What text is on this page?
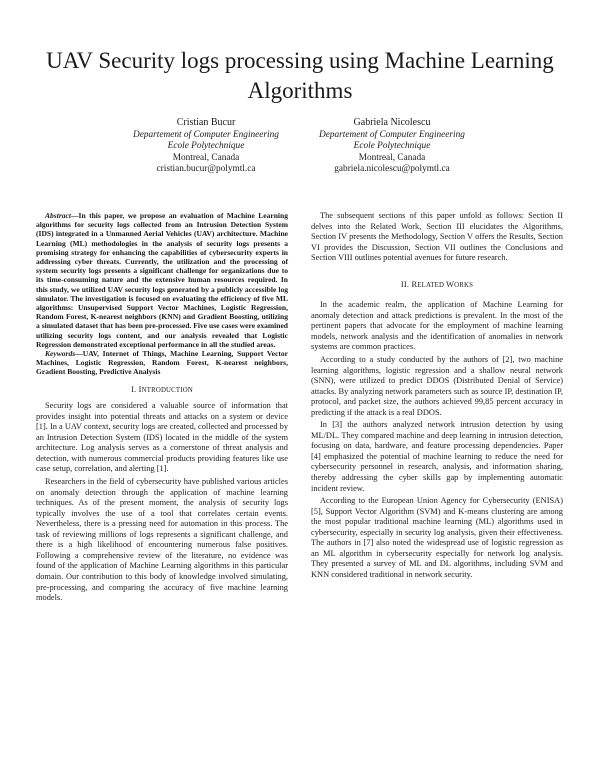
UAV Security logs processing using Machine Learning Algorithms
Cristian Bucur
Departement of Computer Engineering
Ecole Polytechnique
Montreal, Canada
cristian.bucur@polymtl.ca
Gabriela Nicolescu
Departement of Computer Engineering
Ecole Polytechnique
Montreal, Canada
gabriela.nicolescu@polymtl.ca
Abstract—In this paper, we propose an evaluation of Machine Learning algorithms for security logs collected from an Intrusion Detection System (IDS) integrated in a Unmanned Aerial Vehicles (UAV) architecture. Machine Learning (ML) methodologies in the analysis of security logs presents a promising strategy for enhancing the capabilities of cybersecurity experts in addressing cyber threats. Currently, the utilization and the processing of system security logs presents a significant challenge for organizations due to its time-consuming nature and the extensive human resources required. In this study, we utilized UAV security logs generated by a publicly accessible log simulator. The investigation is focused on evaluating the efficiency of five ML algorithms: Unsupervised Support Vector Machines, Logistic Regression, Random Forest, K-nearest neighbors (KNN) and Gradient Boosting, utilizing a simulated dataset that has been pre-processed. Five use cases were examined utilizing security logs content, and our analysis revealed that Logistic Regression demonstrated exceptional performance in all the studied areas.
Keywords—UAV, Internet of Things, Machine Learning, Support Vector Machines, Logistic Regression, Random Forest, K-nearest neighbors, Gradient Boosting, Predictive Analysis
I. INTRODUCTION

Security logs are considered a valuable source of information that provides insight into potential threats and attacks on a system or device [1]. In a UAV context, security logs are created, collected and processed by an Intrusion Detection System (IDS) located in the middle of the system architecture. Log analysis serves as a cornerstone of threat analysis and detection, with numerous commercial products providing features like use case setup, correlation, and alerting [1].

Researchers in the field of cybersecurity have published various articles on anomaly detection through the application of machine learning techniques. As of the present moment, the analysis of security logs typically involves the use of a tool that correlates certain events. Nevertheless, there is a pressing need for automation in this process. The task of reviewing millions of logs represents a significant challenge, and there is a high likelihood of encountering numerous false positives. Following a comprehensive review of the literature, no evidence was found of the application of Machine Learning algorithms in this particular domain. Our contribution to this body of knowledge involved simulating, pre-processing, and comparing the accuracy of five machine learning models.

The subsequent sections of this paper unfold as follows: Section II delves into the Related Work, Section III elucidates the Algorithms, Section IV presents the Methodology, Section V offers the Results, Section VI provides the Discussion, Section VII outlines the Conclusions and Section VIII outlines potential avenues for future research.

II. RELATED WORKS

In the academic realm, the application of Machine Learning for anomaly detection and attack predictions is prevalent. In the most of the pertinent papers that advocate for the employment of machine learning models, network analysis and the identification of anomalies in network systems are common practices.

According to a study conducted by the authors of [2], two machine learning algorithms, logistic regression and a shallow neural network (SNN), were utilized to predict DDOS (Distributed Denial of Service) attacks. By analyzing network parameters such as source IP, destination IP, protocol, and packet size, the authors achieved 99,85 percent accuracy in predicting if the attack is a real DDOS.

In [3] the authors analyzed network intrusion detection by using ML/DL. They compared machine and deep learning in intrusion detection, focusing on data, hardware, and feature processing dependencies. Paper [4] emphasized the potential of machine learning to reduce the need for cybersecurity personnel in research, analysis, and information sharing, thereby addressing the cyber skills gap by implementing automatic incident review.

According to the European Union Agency for Cybersecurity (ENISA) [5], Support Vector Algorithm (SVM) and K-means clustering are among the most popular traditional machine learning (ML) algorithms used in cybersecurity, especially in security log analysis, given their effectiveness. The authors in [7] also noted the widespread use of logistic regression as an ML algorithm in cybersecurity especially for network log analysis. They presented a survey of ML and DL algorithms, including SVM and KNN considered traditional in network security.
